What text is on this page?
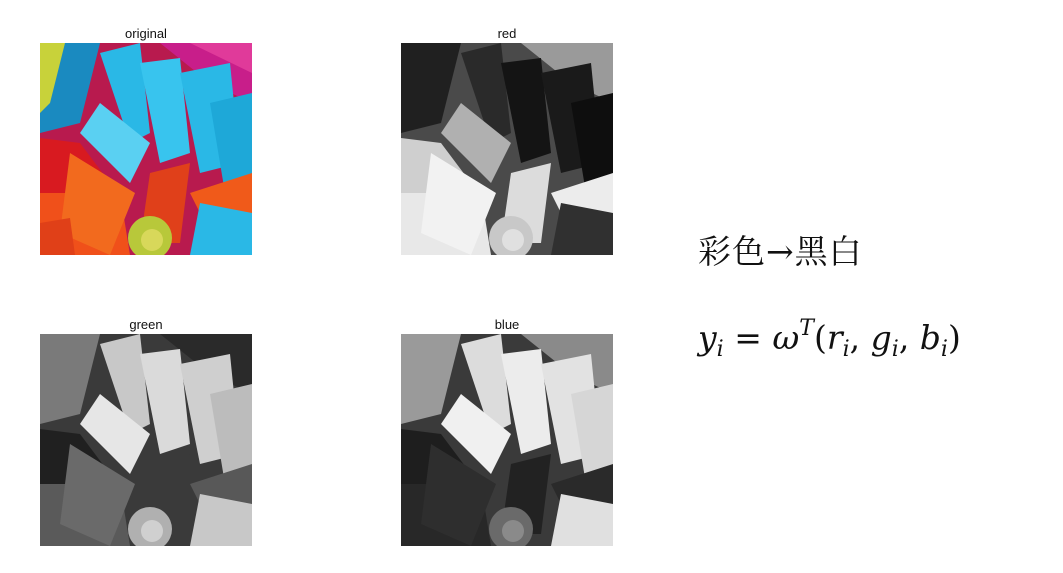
original	red
green	blue
彩色→黑白
$y_i = \omega^T(r_i$, $g_i$, $b_i$)
